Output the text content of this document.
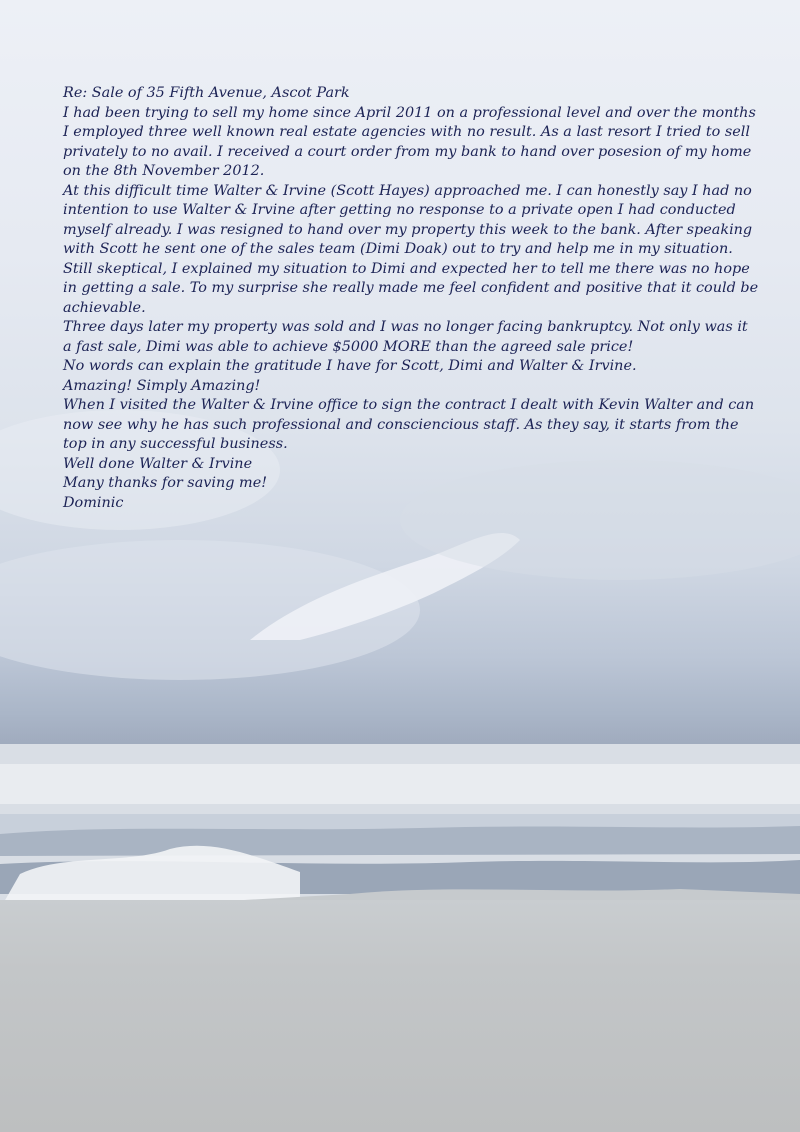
Re: Sale of 35 Fifth Avenue, Ascot Park

I had been trying to sell my home since April 2011 on a professional level and over the months
I employed three well known real estate agencies with no result. As a last resort I tried to sell
privately to no avail. I received a court order from my bank to hand over posesion of my home
on the 8th November 2012.

At this difficult time Walter & Irvine (Scott Hayes) approached me. I can honestly say I had no
intention to use Walter & Irvine after getting no response to a private open I had conducted
myself already. I was resigned to hand over my property this week to the bank. After speaking
with Scott he sent one of the sales team (Dimi Doak) out to try and help me in my situation.
Still skeptical, I explained my situation to Dimi and expected her to tell me there was no hope
in getting a sale. To my surprise she really made me feel confident and positive that it could be
achievable.

Three days later my property was sold and I was no longer facing bankruptcy. Not only was it
a fast sale, Dimi was able to achieve $5000 MORE than the agreed sale price!

No words can explain the gratitude I have for Scott, Dimi and Walter & Irvine.
Amazing! Simply Amazing!

When I visited the Walter & Irvine office to sign the contract I dealt with Kevin Walter and can
now see why he has such professional and consciencious staff. As they say, it starts from the
top in any successful business.

Well done Walter & Irvine

Many thanks for saving me!

Dominic
